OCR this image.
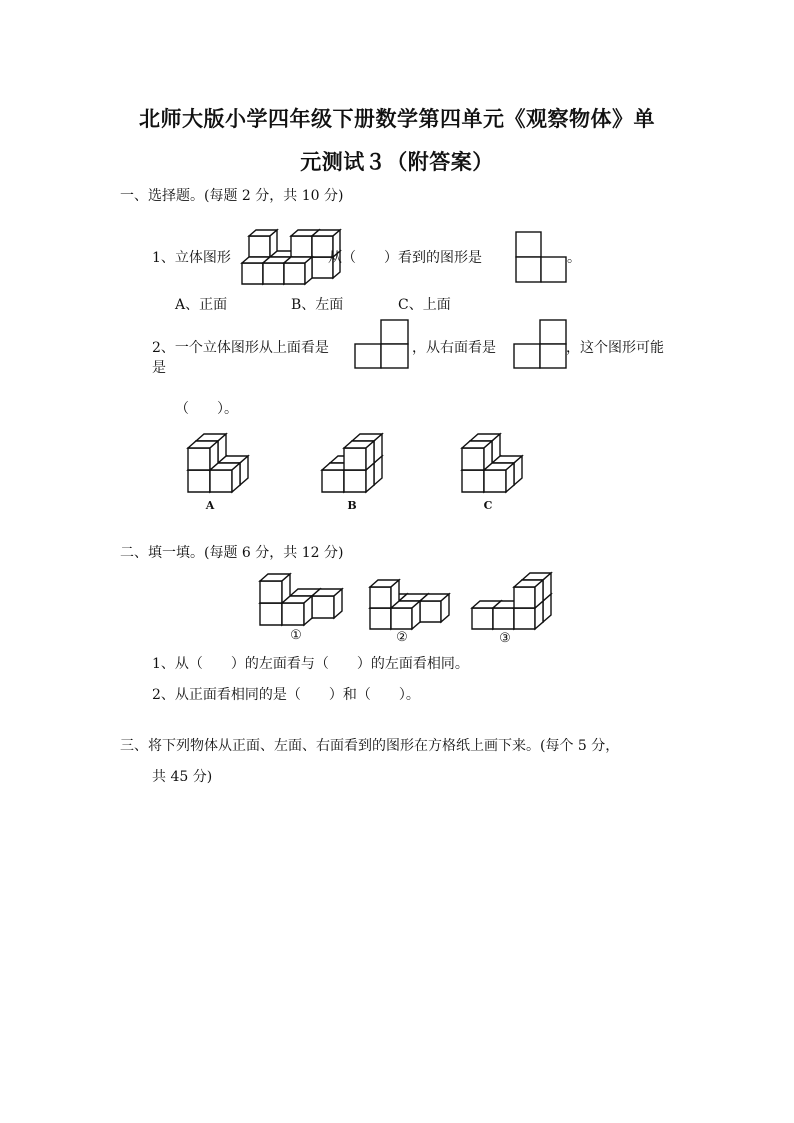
北师大版小学四年级下册数学第四单元《观察物体》单
元测试３（附答案）
一、选择题。(每题 2 分，共 10 分)
1、立体图形	从（　　）看到的图形是	。
A、正面	B、左面	C、上面
2、一个立体图形从上面看是	，从右面看是	，这个图形可能
是
（　　）。
A	B	C
二、填一填。(每题 6 分，共 12 分)
①	②	③
1、从（　　）的左面看与（　　）的左面看相同。
2、从正面看相同的是（　　）和（　　）。
三、将下列物体从正面、左面、右面看到的图形在方格纸上画下来。(每个 5 分，
共 45 分)
